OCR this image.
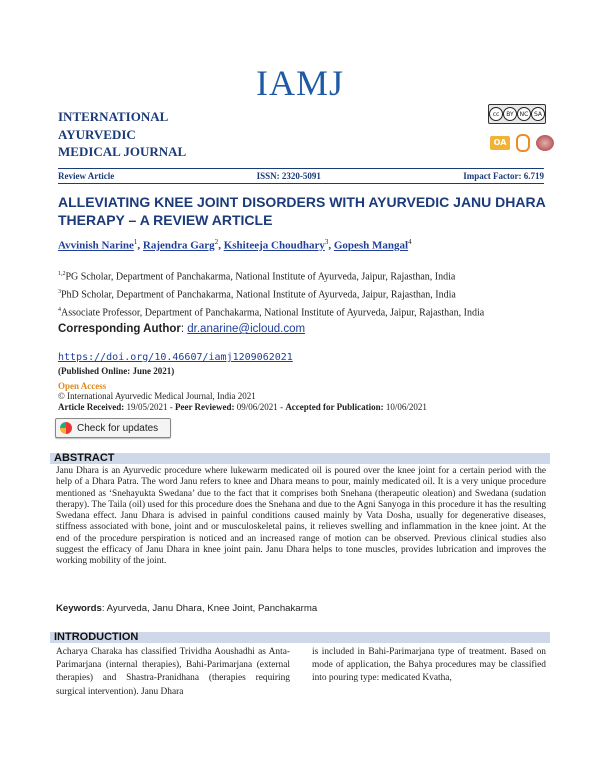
IAMJ
INTERNATIONAL
AYURVEDIC
MEDICAL JOURNAL
cc	BY NC SA
OA
Review Article	ISSN: 2320-5091	Impact Factor: 6.719
ALLEVIATING KNEE JOINT DISORDERS WITH AYURVEDIC JANU DHARA THERAPY – A REVIEW ARTICLE
Avvinish Narine$^1$, Rajendra Garg$^2$, Kshiteeja Choudhary$^3$, Gopesh Mangal$^4$
$^{1,2}$PG Scholar, Department of Panchakarma, National Institute of Ayurveda, Jaipur, Rajasthan, India
$^3$PhD Scholar, Department of Panchakarma, National Institute of Ayurveda, Jaipur, Rajasthan, India
$^4$Associate Professor, Department of Panchakarma, National Institute of Ayurveda, Jaipur, Rajasthan, India
Corresponding Author: dr.anarine@icloud.com
https://doi.org/10.46607/iamj1209062021
(Published Online: June 2021)
Open Access
© International Ayurvedic Medical Journal, India 2021
Article Received: 19/05/2021 - Peer Reviewed: 09/06/2021 - Accepted for Publication: 10/06/2021
Check for updates
ABSTRACT
Janu Dhara is an Ayurvedic procedure where lukewarm medicated oil is poured over the knee joint for a certain period with the help of a Dhara Patra. The word Janu refers to knee and Dhara means to pour, mainly medicated oil. It is a very unique procedure mentioned as ‘Snehayukta Swedana’ due to the fact that it comprises both Snehana (therapeutic oleation) and Swedana (sudation therapy). The Taila (oil) used for this procedure does the Snehana and due to the Agni Sanyoga in this procedure it has the resulting Swedana effect. Janu Dhara is advised in painful conditions caused mainly by Vata Dosha, usually for degenerative diseases, stiffness associated with bone, joint and or musculoskeletal pains, it relieves swelling and inflammation in the knee joint. At the end of the procedure perspiration is noticed and an increased range of motion can be observed. Previous clinical studies also suggest the efficacy of Janu Dhara in knee joint pain. Janu Dhara helps to tone muscles, provides lubrication and improves the working mobility of the joint.
Keywords: Ayurveda, Janu Dhara, Knee Joint, Panchakarma
INTRODUCTION
Acharya Charaka has classified Trividha Aoushadhi as Anta-Parimarjana (internal therapies), Bahi-Parimarjana (external therapies) and Shastra-Pranidhana (therapies requiring surgical intervention). Janu Dhara
is included in Bahi-Parimarjana type of treatment. Based on mode of application, the Bahya procedures may be classified into pouring type: medicated Kvatha,
